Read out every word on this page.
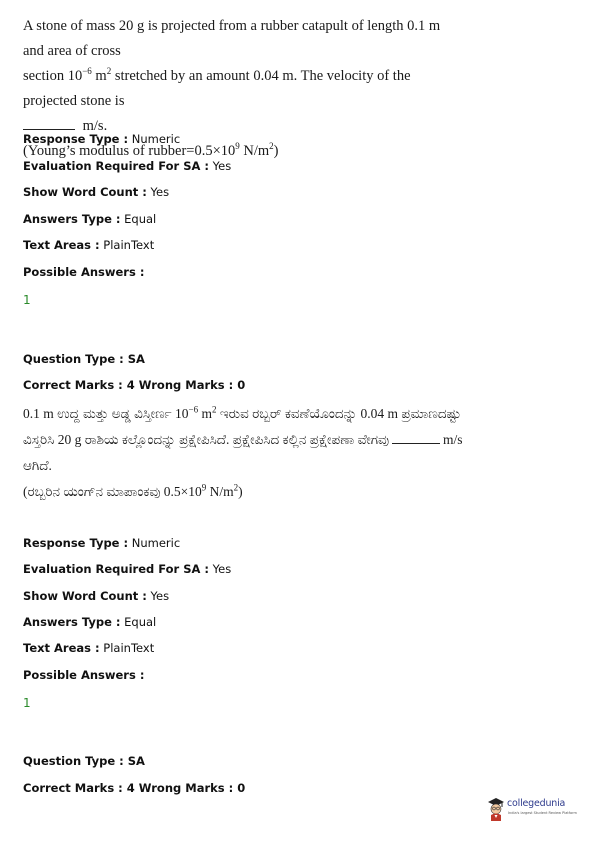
A stone of mass 20 g is projected from a rubber catapult of length 0.1 m and area of cross
section $10^{-6}$ $m^2$ stretched by an amount 0.04 m. The velocity of the projected stone is
m/s.
(Young’s modulus of $rubber=0.5\times 10^9$ $N/m^2$)
Response Type : Numeric
Evaluation Required For SA : Yes
Show Word Count : Yes
Answers Type : Equal
Text Areas : PlainText
Possible Answers :
1
Question Type : SA
Correct Marks : 4 Wrong Marks : 0
0.1 m ಉದ್ದ ಮತ್ತು ಅಡ್ಡ ವಿಸ್ತೀರ್ಣ $10^{-6}$ $m^2$ ಇರುವ ರಬ್ಬರ್ ಕವಣೆಯೊಂದನ್ನು 0.04 m ಪ್ರಮಾಣದಷ್ಟು
ವಿಸ್ತರಿಸಿ 20 g ರಾಶಿಯ ಕಲ್ಲೊಂದನ್ನು ಪ್ರಕ್ಷೇಪಿಸಿದೆ. ಪ್ರಕ್ಷೇಪಿಸಿದ ಕಲ್ಲಿನ ಪ್ರಕ್ಷೇಪಣಾ ವೇಗವು	m/s
ಆಗಿದೆ.
(ರಬ್ಬರಿನ ಯಂಗ್‌ನ ಮಾಪಾಂಕವು $0.5\times 10^9$ $N/m^2$)
Response Type : Numeric
Evaluation Required For SA : Yes
Show Word Count : Yes
Answers Type : Equal
Text Areas : PlainText
Possible Answers :
1
Question Type : SA
Correct Marks : 4 Wrong Marks : 0
collegedunia
India's largest Student Review Platform
